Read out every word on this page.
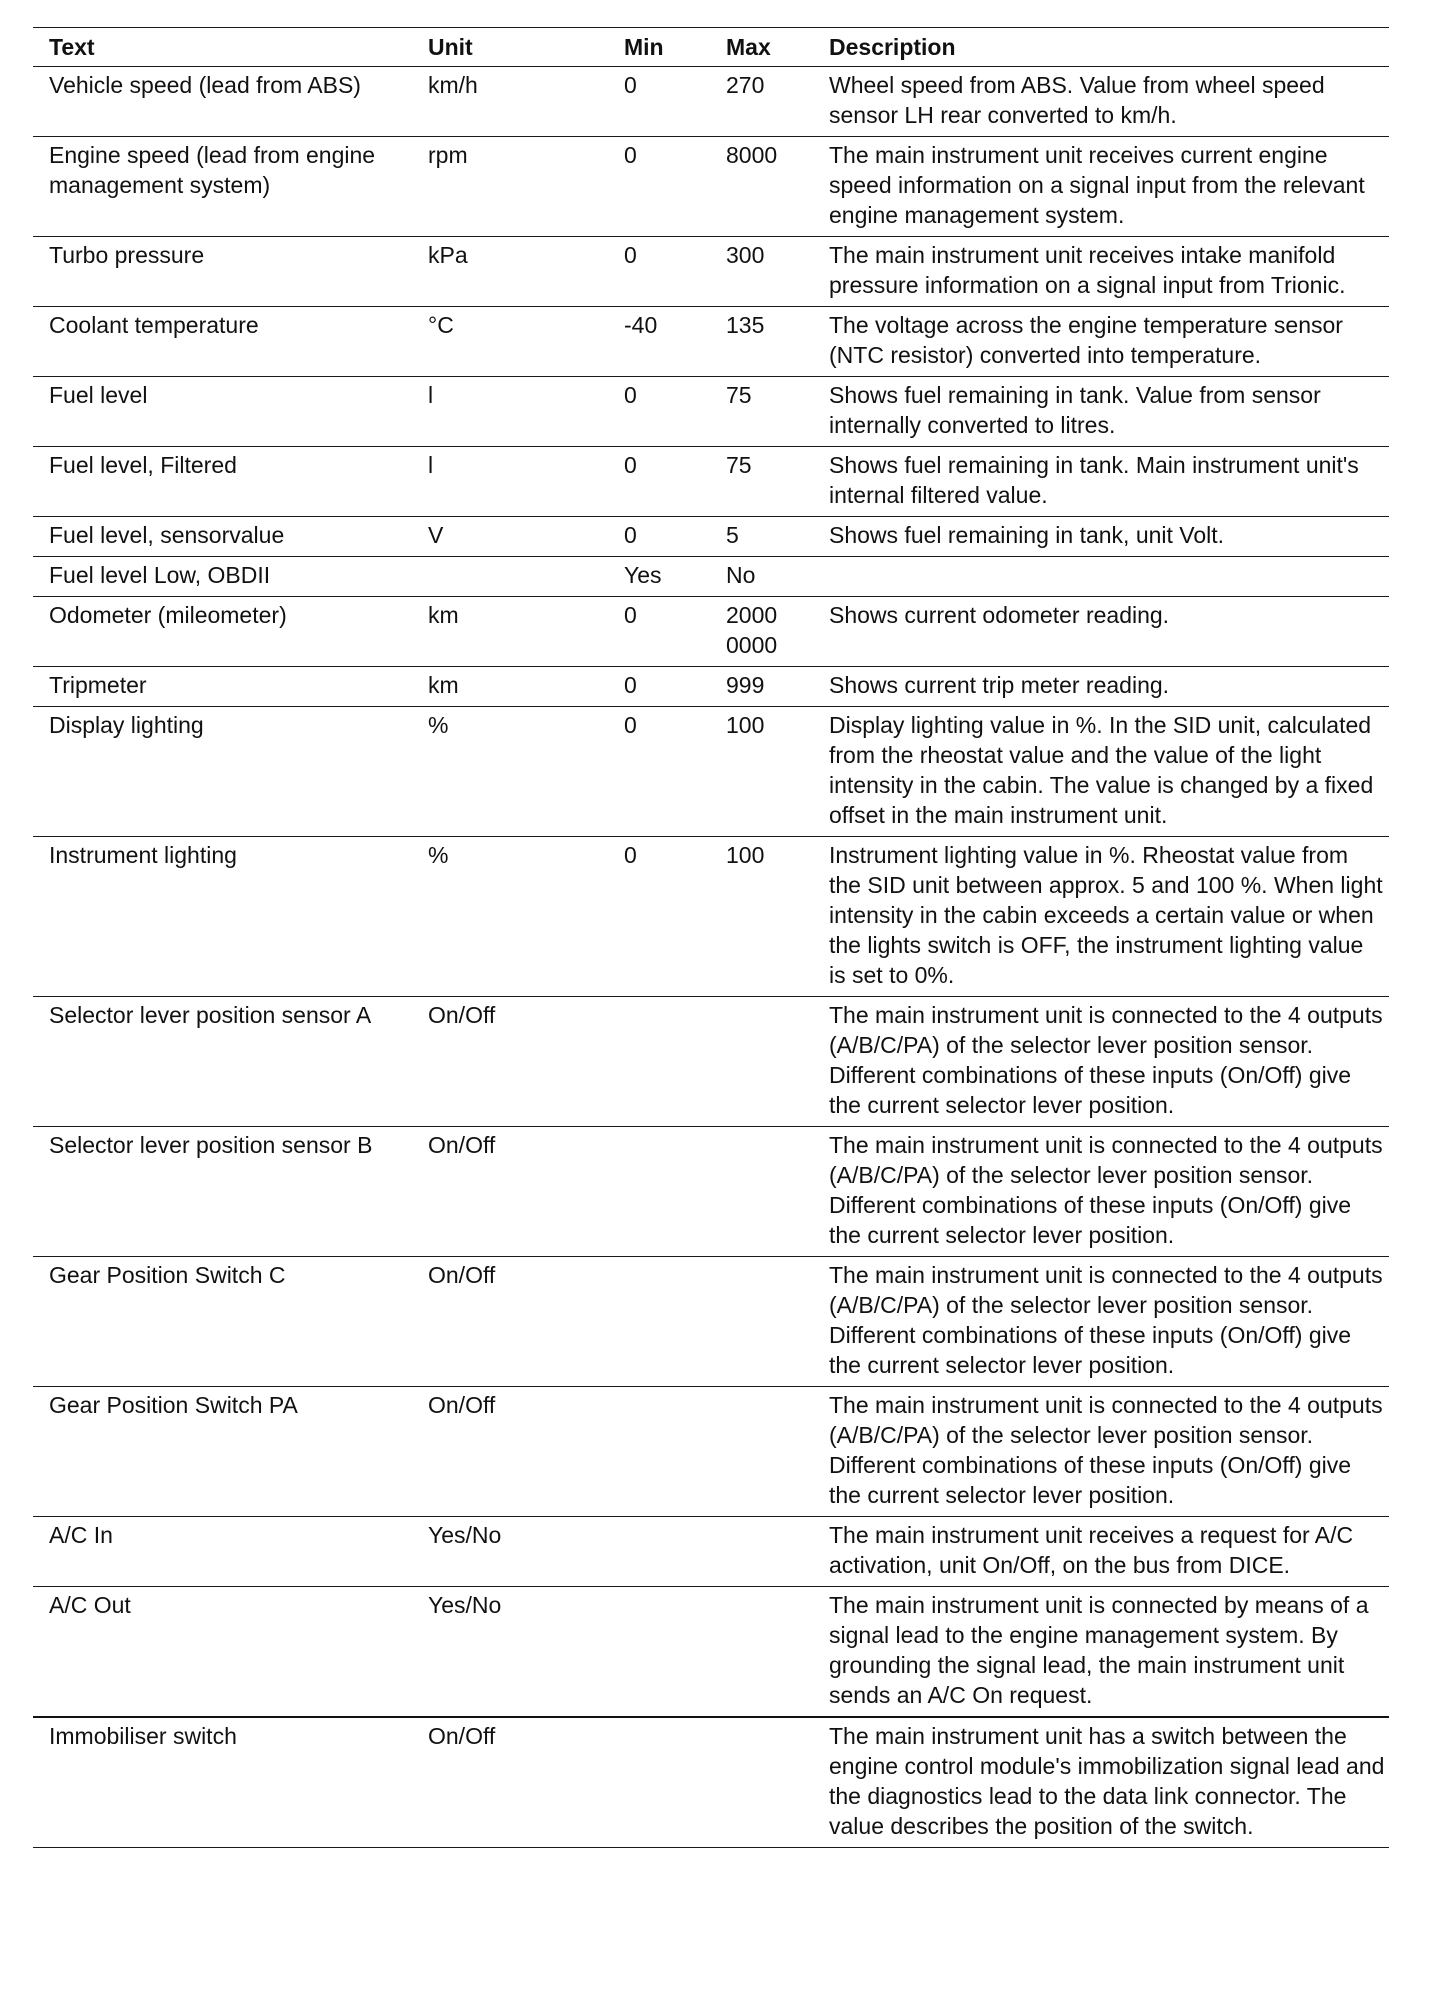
Text	Unit	Min	Max	Description
Vehicle speed (lead from ABS)	km/h	0	270	Wheel speed from ABS. Value from wheel speed sensor LH rear converted to km/h.
Engine speed (lead from engine management system)	rpm	0	8000	The main instrument unit receives current engine speed information on a signal input from the relevant engine management system.
Turbo pressure	kPa	0	300	The main instrument unit receives intake manifold pressure information on a signal input from Trionic.
Coolant temperature	°C	-40	135	The voltage across the engine temperature sensor (NTC resistor) converted into temperature.
Fuel level	l	0	75	Shows fuel remaining in tank. Value from sensor internally converted to litres.
Fuel level, Filtered	l	0	75	Shows fuel remaining in tank. Main instrument unit's internal filtered value.
Fuel level, sensorvalue	V	0	5	Shows fuel remaining in tank, unit Volt.
Fuel level Low, OBDII		Yes	No	
Odometer (mileometer)	km	0	2000 0000	Shows current odometer reading.
Tripmeter	km	0	999	Shows current trip meter reading.
Display lighting	%	0	100	Display lighting value in %. In the SID unit, calculated from the rheostat value and the value of the light intensity in the cabin. The value is changed by a fixed offset in the main instrument unit.
Instrument lighting	%	0	100	Instrument lighting value in %. Rheostat value from the SID unit between approx. 5 and 100 %. When light intensity in the cabin exceeds a certain value or when the lights switch is OFF, the instrument lighting value is set to 0%.
Selector lever position sensor A	On/Off			The main instrument unit is connected to the 4 outputs (A/B/C/PA) of the selector lever position sensor. Different combinations of these inputs (On/Off) give the current selector lever position.
Selector lever position sensor B	On/Off			The main instrument unit is connected to the 4 outputs (A/B/C/PA) of the selector lever position sensor. Different combinations of these inputs (On/Off) give the current selector lever position.
Gear Position Switch C	On/Off			The main instrument unit is connected to the 4 outputs (A/B/C/PA) of the selector lever position sensor. Different combinations of these inputs (On/Off) give the current selector lever position.
Gear Position Switch PA	On/Off			The main instrument unit is connected to the 4 outputs (A/B/C/PA) of the selector lever position sensor. Different combinations of these inputs (On/Off) give the current selector lever position.
A/C In	Yes/No			The main instrument unit receives a request for A/C activation, unit On/Off, on the bus from DICE.
A/C Out	Yes/No			The main instrument unit is connected by means of a signal lead to the engine management system. By grounding the signal lead, the main instrument unit sends an A/C On request.
Immobiliser switch	On/Off			The main instrument unit has a switch between the engine control module's immobilization signal lead and the diagnostics lead to the data link connector. The value describes the position of the switch.
